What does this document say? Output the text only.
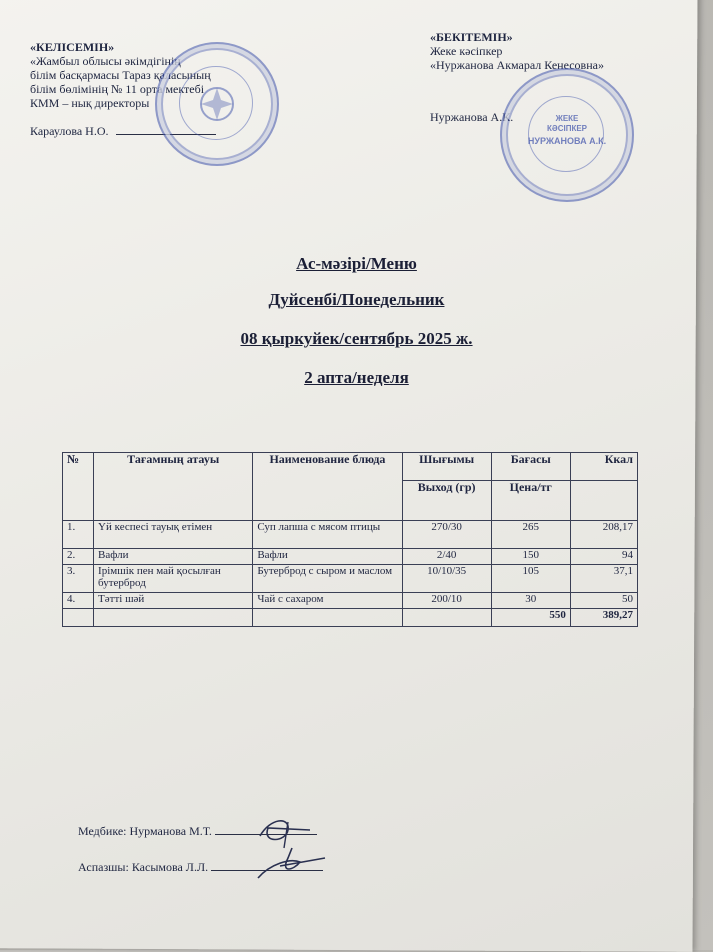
«КЕЛІСЕМІН»
«Жамбыл облысы әкімдігінің
білім басқармасы Тараз қаласының
білім бөлімінің № 11 орта мектебі
КММ – нық директоры
Караулова Н.О.
«БЕКІТЕМІН»
Жеке кәсіпкер
«Нуржанова Акмарал Кенесовна»
Нуржанова А.К.	ЖЕКЕ
КӘСІПКЕР
НУРЖАНОВА А.К.
Ас-мәзірі/Меню
Дуйсенбі/Понедельник
08 қыркуйек/сентябрь 2025 ж.
2 апта/неделя
№	Тағамның атауы	Наименование блюда	Шығымы	Бағасы	Ккал
			Выход (гр)	Цена/тг	
1.	Үй кеспесі тауық етімен	Суп лапша с мясом птицы	270/30	265	208,17
2.	Вафли	Вафли	2/40	150	94
3.	Ірімшік пен май қосылған бутерброд	Бутерброд с сыром и маслом	10/10/35	105	37,1
4.	Тәтті шәй	Чай с сахаром	200/10	30	50
				550	389,27
Медбике: Нурманова М.Т.
Аспазшы: Касымова Л.Л.
